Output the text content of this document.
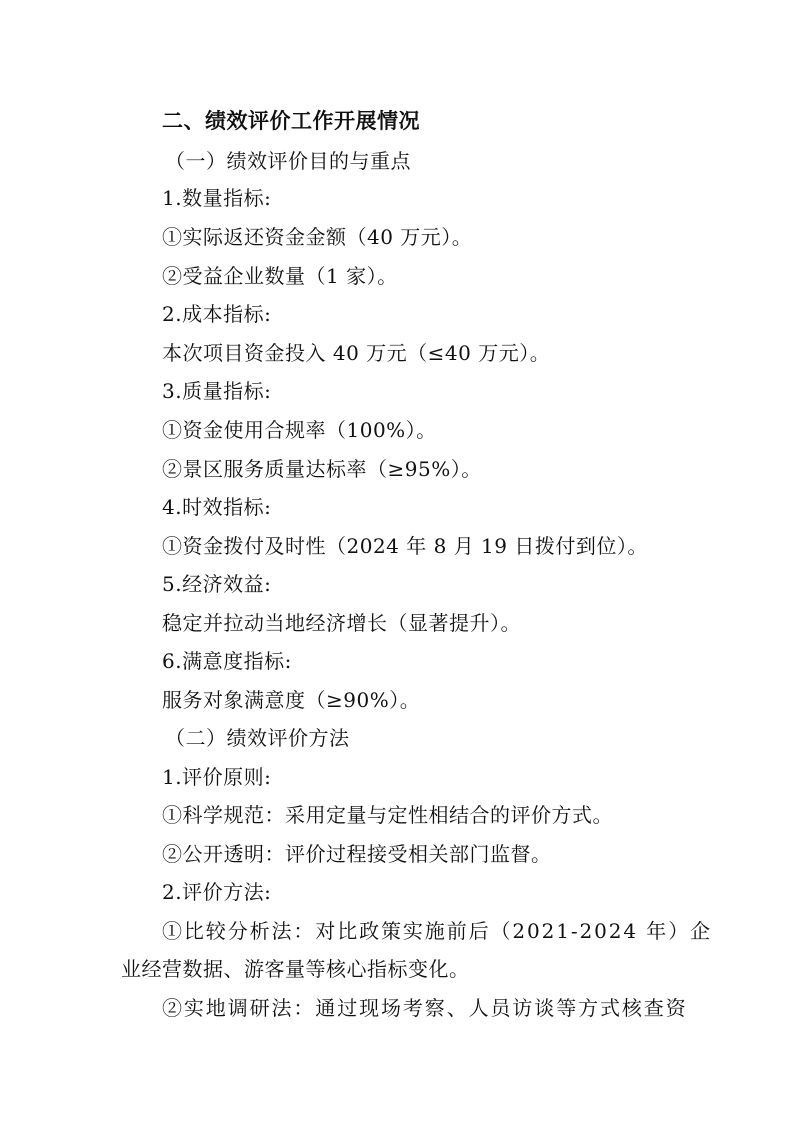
二、绩效评价工作开展情况
（一）绩效评价目的与重点
1.数量指标:
①实际返还资金金额（40 万元）。
②受益企业数量（1 家）。
2.成本指标:
本次项目资金投入 40 万元（≤40 万元）。
3.质量指标:
①资金使用合规率（100%）。
②景区服务质量达标率（≥95%）。
4.时效指标:
①资金拨付及时性（2024 年 8 月 19 日拨付到位）。
5.经济效益:
稳定并拉动当地经济增长（显著提升）。
6.满意度指标:
服务对象满意度（≥90%）。
（二）绩效评价方法
1.评价原则:
①科学规范：采用定量与定性相结合的评价方式。
②公开透明：评价过程接受相关部门监督。
2.评价方法:
①比较分析法：对比政策实施前后（2021-2024 年）企
业经营数据、游客量等核心指标变化。
②实地调研法：通过现场考察、人员访谈等方式核查资
